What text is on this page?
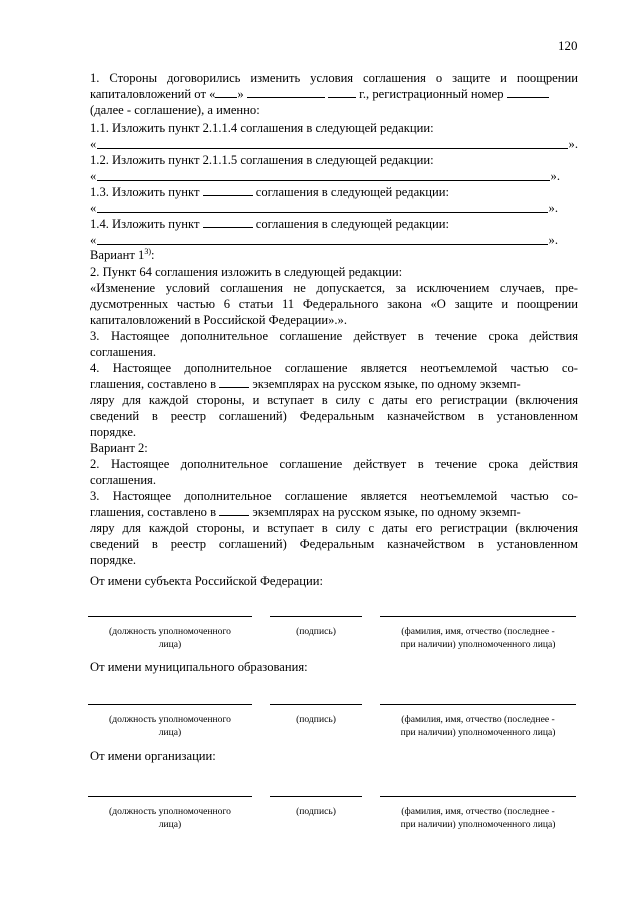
120
1. Стороны договорились изменить условия соглашения о защите и поощрении
капиталовложений от « »	г., регистрационный номер
(далее - соглашение), а именно:
1.1. Изложить пункт 2.1.1.4 соглашения в следующей редакции:
«	».
1.2. Изложить пункт 2.1.1.5 соглашения в следующей редакции:
«	».
1.3. Изложить пункт	соглашения в следующей редакции:
«	».
1.4. Изложить пункт	соглашения в следующей редакции:
«	».
Вариант 1$^{3)}$:
2. Пункт 64 соглашения изложить в следующей редакции:
«Изменение условий соглашения не допускается, за исключением случаев, пре-
дусмотренных частью 6 статьи 11 Федерального закона «О защите и поощрении
капиталовложений в Российской Федерации».».
3. Настоящее дополнительное соглашение действует в течение срока действия
соглашения.
4. Настоящее дополнительное соглашение является неотъемлемой частью со-
глашения, составлено в	экземплярах на русском языке, по одному экземп-
ляру для каждой стороны, и вступает в силу с даты его регистрации (включения
сведений в реестр соглашений) Федеральным казначейством в установленном
порядке.
Вариант 2:
2. Настоящее дополнительное соглашение действует в течение срока действия
соглашения.
3. Настоящее дополнительное соглашение является неотъемлемой частью со-
глашения, составлено в	экземплярах на русском языке, по одному экземп-
ляру для каждой стороны, и вступает в силу с даты его регистрации (включения
сведений в реестр соглашений) Федеральным казначейством в установленном
порядке.
От имени субъекта Российской Федерации:
(должность уполномоченного
лица)
(подпись)	(фамилия, имя, отчество (последнее -
при наличии) уполномоченного лица)
От имени муниципального образования:
(должность уполномоченного
лица)
(подпись)	(фамилия, имя, отчество (последнее -
при наличии) уполномоченного лица)
От имени организации:
(должность уполномоченного
лица)
(подпись)	(фамилия, имя, отчество (последнее -
при наличии) уполномоченного лица)
